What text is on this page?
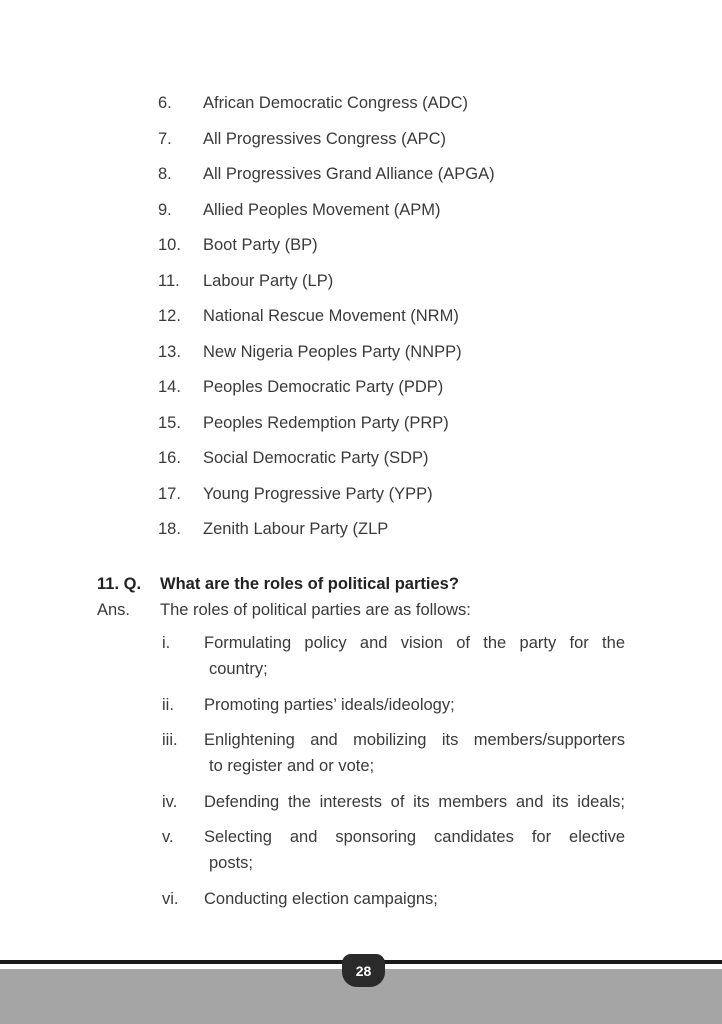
6.	African Democratic Congress (ADC)
7.	All Progressives Congress (APC)
8.	All Progressives Grand Alliance (APGA)
9.	Allied Peoples Movement (APM)
10.	Boot Party (BP)
11.	Labour Party (LP)
12.	National Rescue Movement (NRM)
13.	New Nigeria Peoples Party (NNPP)
14.	Peoples Democratic Party (PDP)
15.	Peoples Redemption Party (PRP)
16.	Social Democratic Party (SDP)
17.	Young Progressive Party (YPP)
18.	Zenith Labour Party (ZLP
11. Q.	What are the roles of political parties?
Ans.	The roles of political parties are as follows:
i.	Formulating policy and vision of the party for the
country;
ii.	Promoting parties’ ideals/ideology;
iii.	Enlightening and mobilizing its members/supporters
to register and or vote;
iv.	Defending the interests of its members and its ideals;
v.	Selecting and sponsoring candidates for elective
posts;
vi.	Conducting election campaigns;
28
